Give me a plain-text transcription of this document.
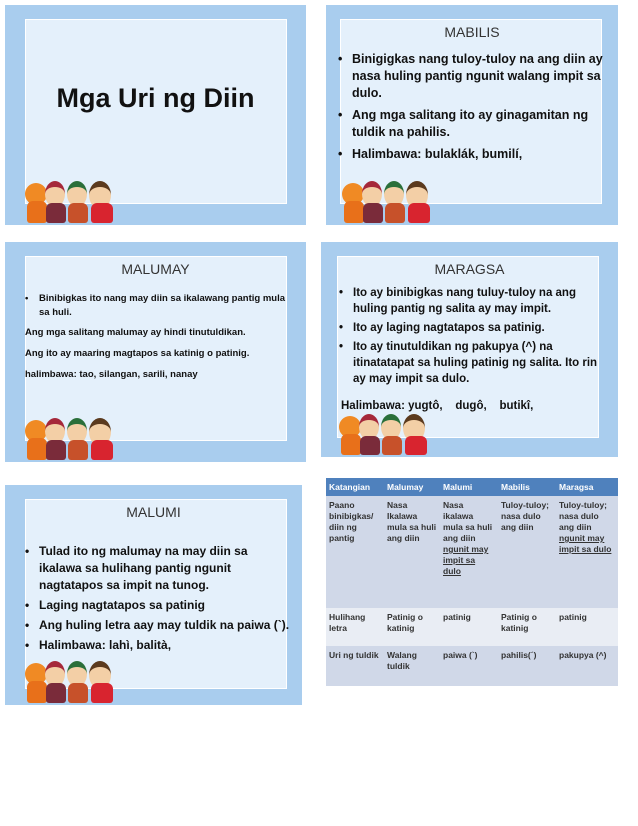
Mga Uri ng Diin
MABILIS
• Binigigkas nang tuloy-tuloy na ang diin ay nasa huling pantig ngunit walang impit sa dulo.
• Ang mga salitang ito ay ginagamitan ng tuldik na pahilis.
• Halimbawa: bulaklák, bumilí,
MALUMAY
• Binibigkas ito nang may diin sa ikalawang pantig mula sa huli.
Ang mga salitang malumay ay hindi tinutuldikan.
Ang ito ay maaring magtapos sa katinig o patinig.
halimbawa: tao, silangan, sarili, nanay
MARAGSA
• Ito ay binibigkas nang tuluy-tuloy na ang huling pantig ng salita ay may impit.
• Ito ay laging nagtatapos sa patinig.
• Ito ay tinutuldikan ng pakupya (^) na itinatatapat sa huling patinig ng salita. Ito rin ay may impit sa dulo.
Halimbawa: yugtô,    dugô,    butikî,
MALUMI
• Tulad ito ng malumay na may diin sa ikalawa sa hulihang pantig ngunit nagtatapos sa impit na tunog.
• Laging nagtatapos sa patinig
• Ang huling letra aay may tuldik na paiwa (`).
• Halimbawa: lahì, balità,
Katangian	Malumay	Malumi	Mabilis	Maragsa
Paano binibigkas/ diin ng pantig	Nasa Ikalawa mula sa huli ang diin	Nasa ikalawa mula sa huli ang diin ngunit may impit sa dulo	Tuloy-tuloy; nasa dulo ang diin	Tuloy-tuloy; nasa dulo ang diin ngunit may impit sa dulo
Hulihang letra	Patinig o katinig	patinig	Patinig o katinig	patinig
Uri ng tuldik	Walang tuldik	paiwa (`)	pahilis(´)	pakupya (^)
